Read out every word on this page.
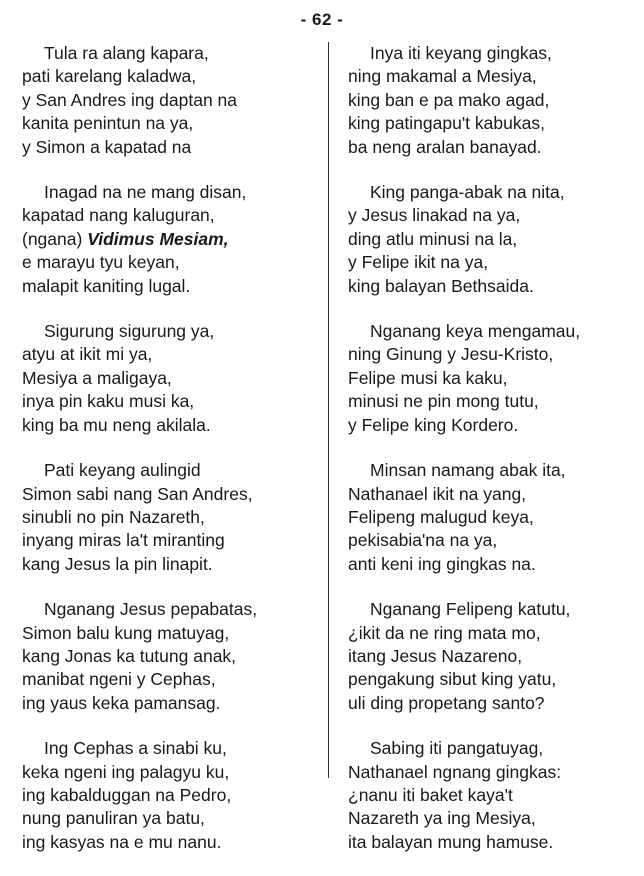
- 62 -
Tula ra alang kapara,
pati karelang kaladwa,
y San Andres ing daptan na
kanita penintun na ya,
y Simon a kapatad na
Inagad na ne mang disan,
kapatad nang kaluguran,
(ngana) Vidimus Mesiam,
e marayu tyu keyan,
malapit kaniting lugal.
Sigurung sigurung ya,
atyu at ikit mi ya,
Mesiya a maligaya,
inya pin kaku musi ka,
king ba mu neng akilala.
Pati keyang aulingid
Simon sabi nang San Andres,
sinubli no pin Nazareth,
inyang miras la't miranting
kang Jesus la pin linapit.
Nganang Jesus pepabatas,
Simon balu kung matuyag,
kang Jonas ka tutung anak,
manibat ngeni y Cephas,
ing yaus keka pamansag.
Ing Cephas a sinabi ku,
keka ngeni ing palagyu ku,
ing kabalduggan na Pedro,
nung panuliran ya batu,
ing kasyas na e mu nanu.
Inya iti keyang gingkas,
ning makamal a Mesiya,
king ban e pa mako agad,
king patingapu't kabukas,
ba neng aralan banayad.
King panga-abak na nita,
y Jesus linakad na ya,
ding atlu minusi na la,
y Felipe ikit na ya,
king balayan Bethsaida.
Nganang keya mengamau,
ning Ginung y Jesu-Kristo,
Felipe musi ka kaku,
minusi ne pin mong tutu,
y Felipe king Kordero.
Minsan namang abak ita,
Nathanael ikit na yang,
Felipeng malugud keya,
pekisabia'na na ya,
anti keni ing gingkas na.
Nganang Felipeng katutu,
¿ikit da ne ring mata mo,
itang Jesus Nazareno,
pengakung sibut king yatu,
uli ding propetang santo?
Sabing iti pangatuyag,
Nathanael ngnang gingkas:
¿nanu iti baket kaya't
Nazareth ya ing Mesiya,
ita balayan mung hamuse.
